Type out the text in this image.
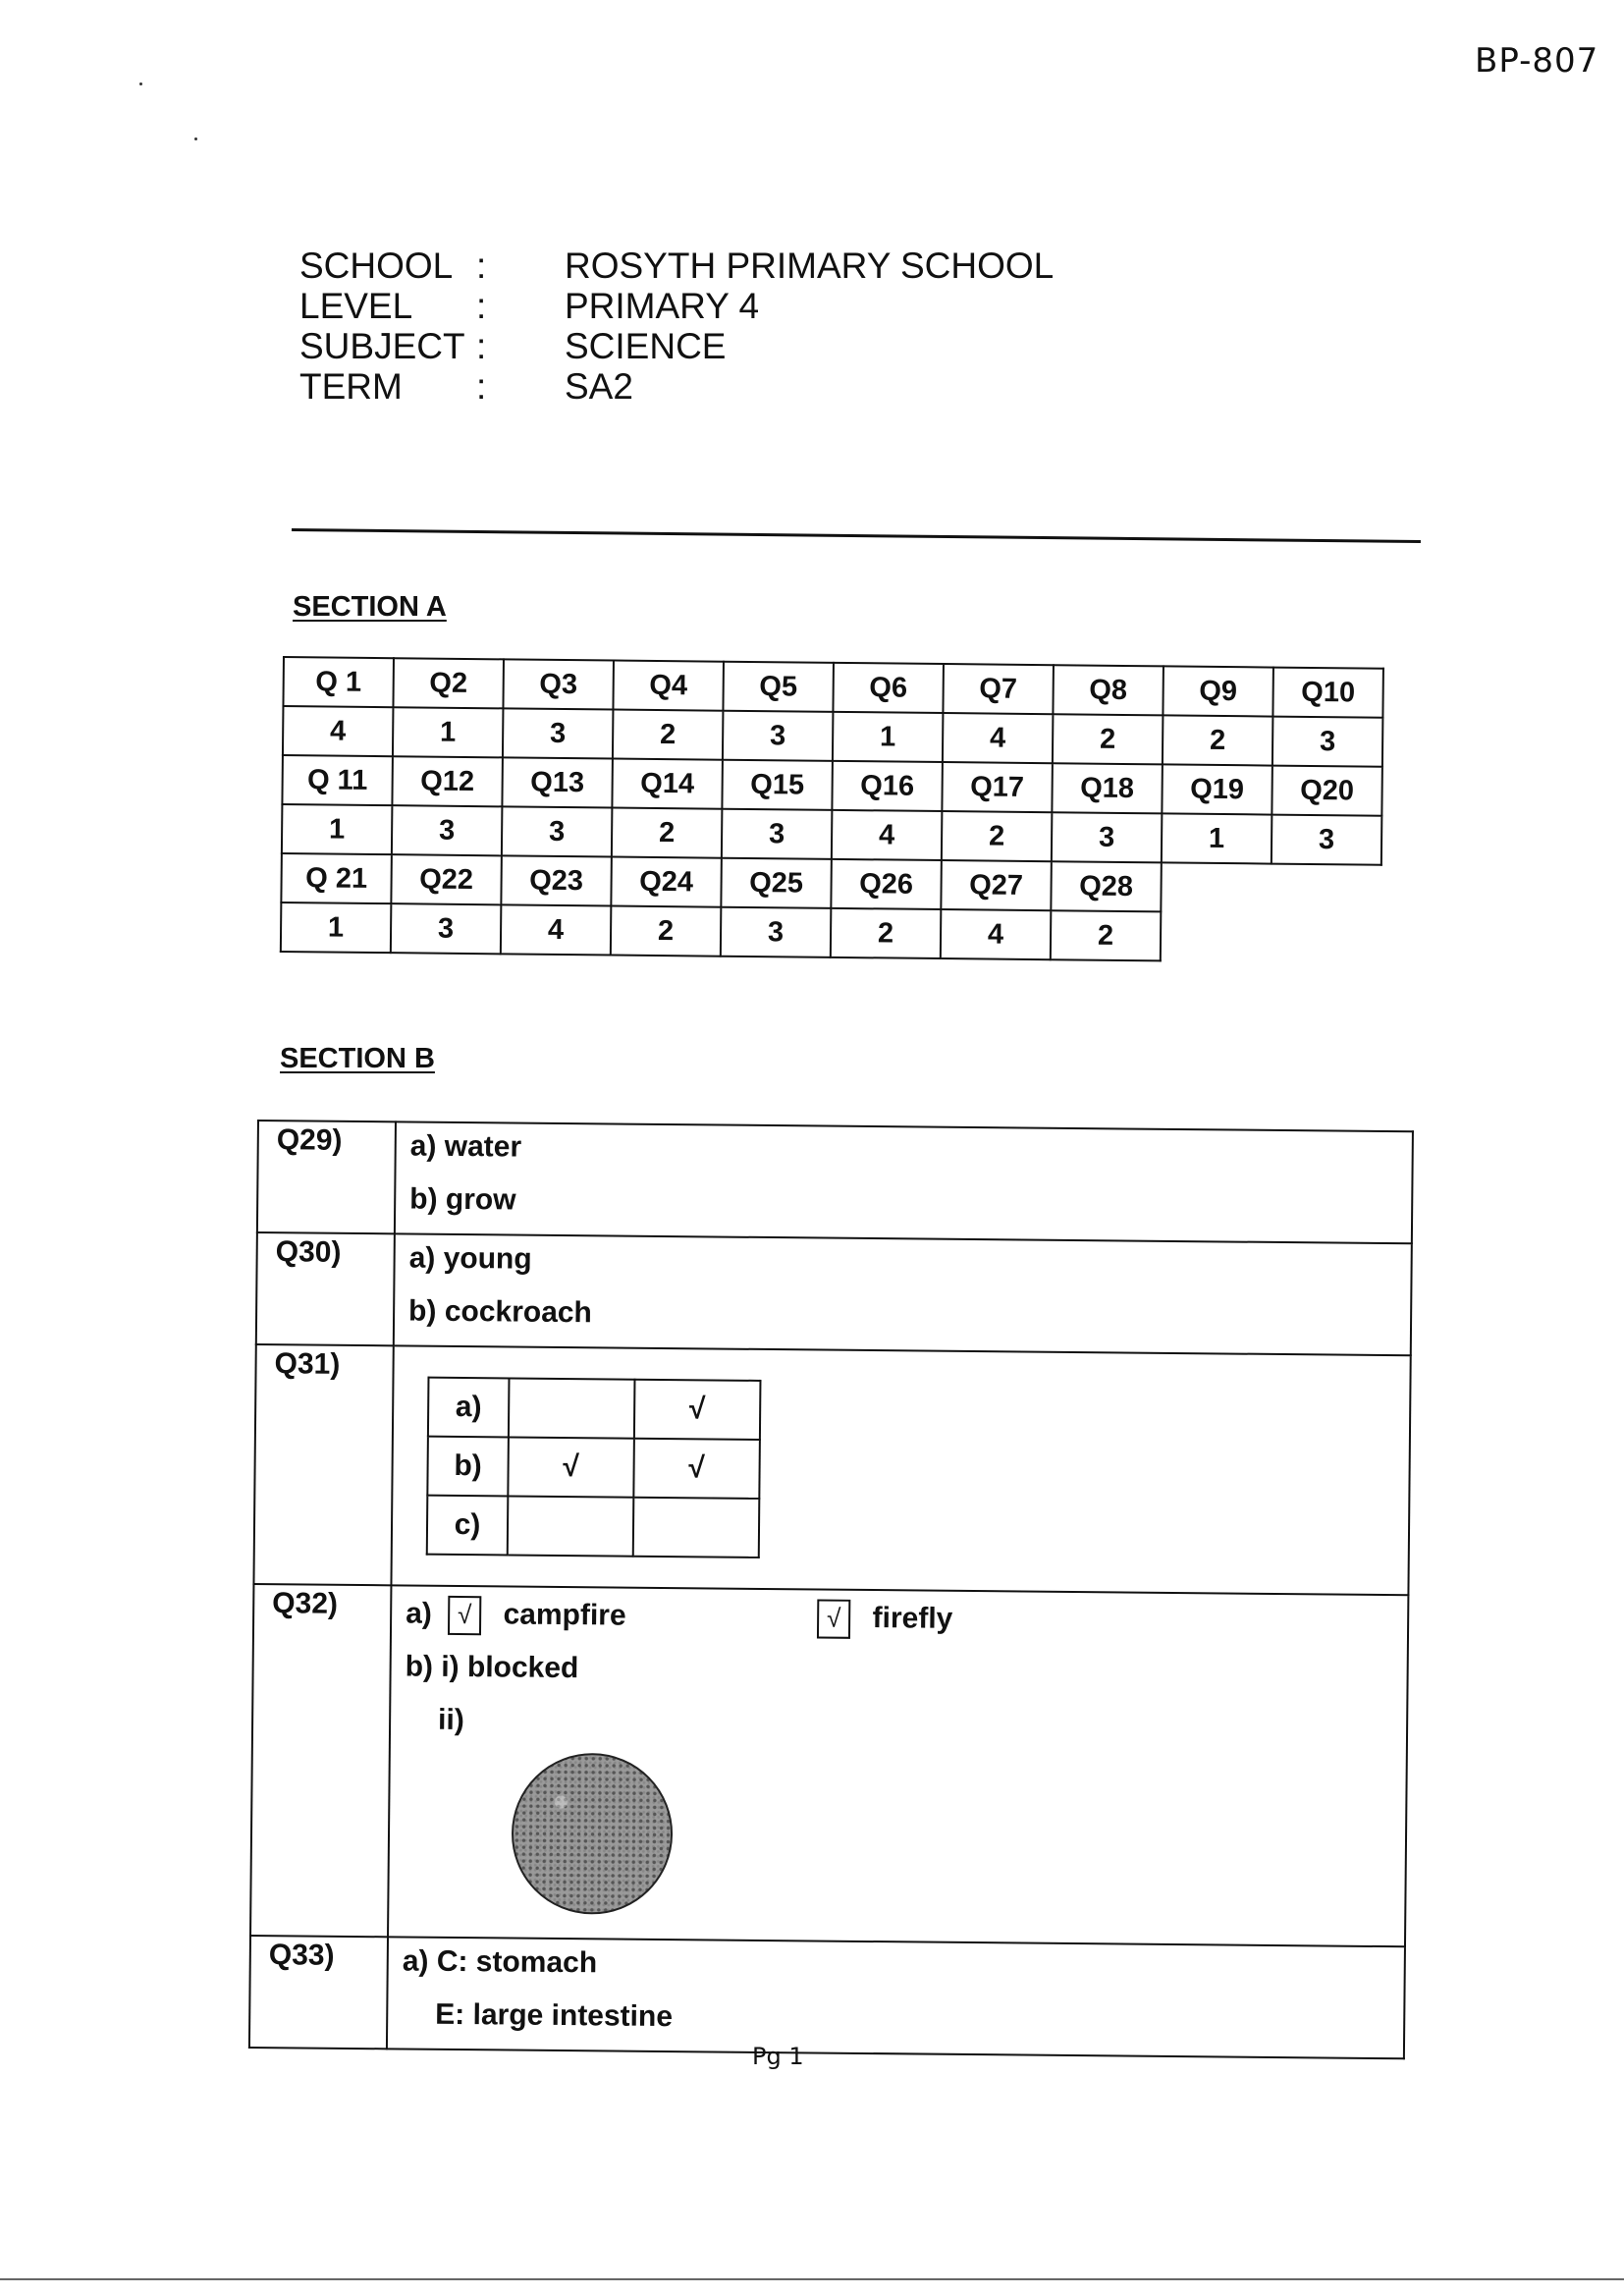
BP-807
SCHOOL :	ROSYTH PRIMARY SCHOOL
LEVEL	:	PRIMARY 4
SUBJECT :	SCIENCE
TERM	:	SA2
SECTION A
Q 1	Q2	Q3	Q4	Q5	Q6	Q7	Q8	Q9	Q10
4	1	3	2	3	1	4	2	2	3
Q 11	Q12	Q13	Q14	Q15	Q16	Q17	Q18	Q19	Q20
1	3	3	2	3	4	2	3	1	3
Q 21	Q22	Q23	Q24	Q25	Q26	Q27	Q28		
1	3	4	2	3	2	4	2		
SECTION B
Q29)	a) water
b) grow

Q30)	a) young
b) cockroach

Q31)	
a)		√
b)	√	√
c)		

Q32)	a) √ campfire	√ firefly
b) i) blocked
ii)

Q33)	a) C: stomach
E: large intestine
Pg 1
